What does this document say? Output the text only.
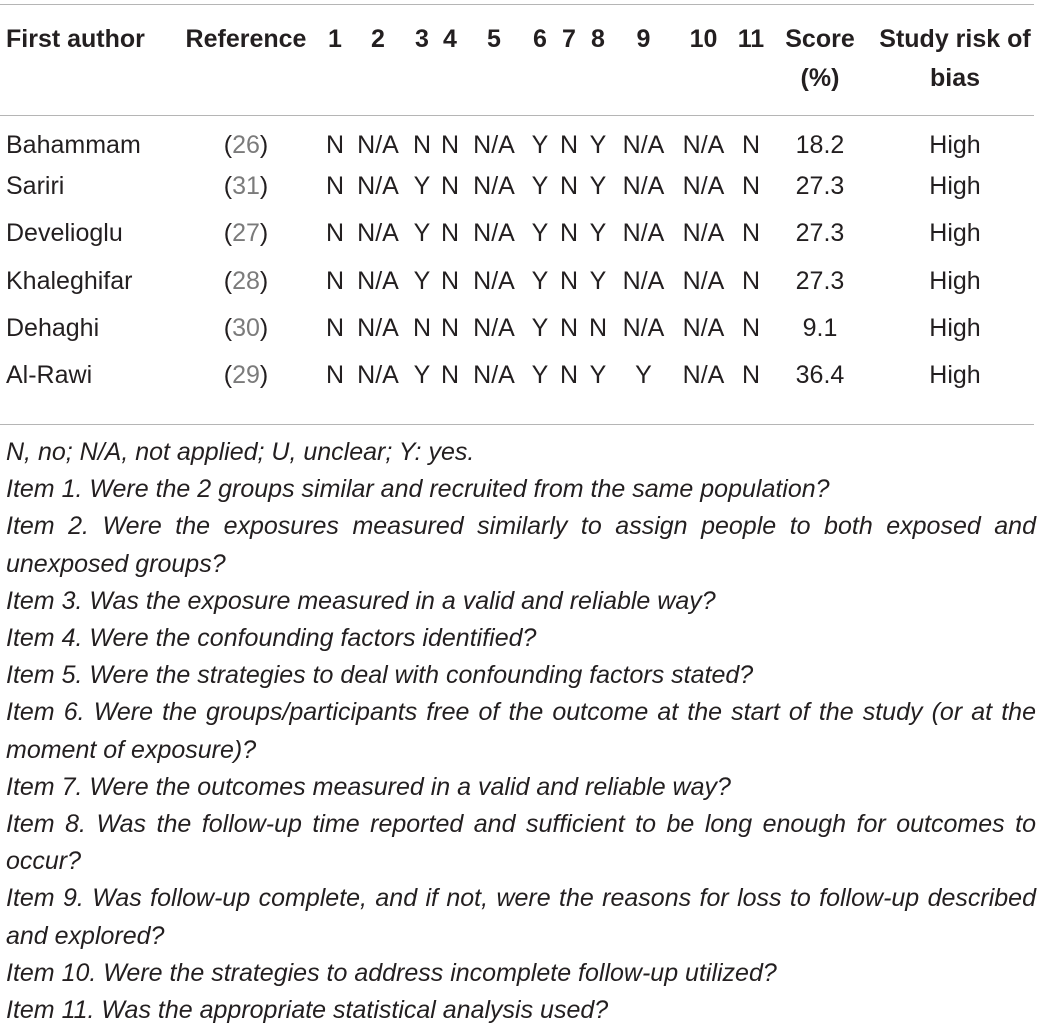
First author	Reference	1	2	3	4	5	6	7	8	9	10	11	Score (%)	Study risk of bias
Bahammam	(26)	N	N/A	N	N	N/A	Y	N	Y	N/A	N/A	N	18.2	High
Sariri	(31)	N	N/A	Y	N	N/A	Y	N	Y	N/A	N/A	N	27.3	High
Develioglu	(27)	N	N/A	Y	N	N/A	Y	N	Y	N/A	N/A	N	27.3	High
Khaleghifar	(28)	N	N/A	Y	N	N/A	Y	N	Y	N/A	N/A	N	27.3	High
Dehaghi	(30)	N	N/A	N	N	N/A	Y	N	N	N/A	N/A	N	9.1	High
Al-Rawi	(29)	N	N/A	Y	N	N/A	Y	N	Y	Y	N/A	N	36.4	High

N, no; N/A, not applied; U, unclear; Y: yes.

Item 1. Were the 2 groups similar and recruited from the same population?

Item 2. Were the exposures measured similarly to assign people to both exposed and unexposed groups?

Item 3. Was the exposure measured in a valid and reliable way?

Item 4. Were the confounding factors identified?

Item 5. Were the strategies to deal with confounding factors stated?

Item 6. Were the groups/participants free of the outcome at the start of the study (or at the moment of exposure)?

Item 7. Were the outcomes measured in a valid and reliable way?

Item 8. Was the follow-up time reported and sufficient to be long enough for outcomes to occur?

Item 9. Was follow-up complete, and if not, were the reasons for loss to follow-up described and explored?

Item 10. Were the strategies to address incomplete follow-up utilized?

Item 11. Was the appropriate statistical analysis used?
